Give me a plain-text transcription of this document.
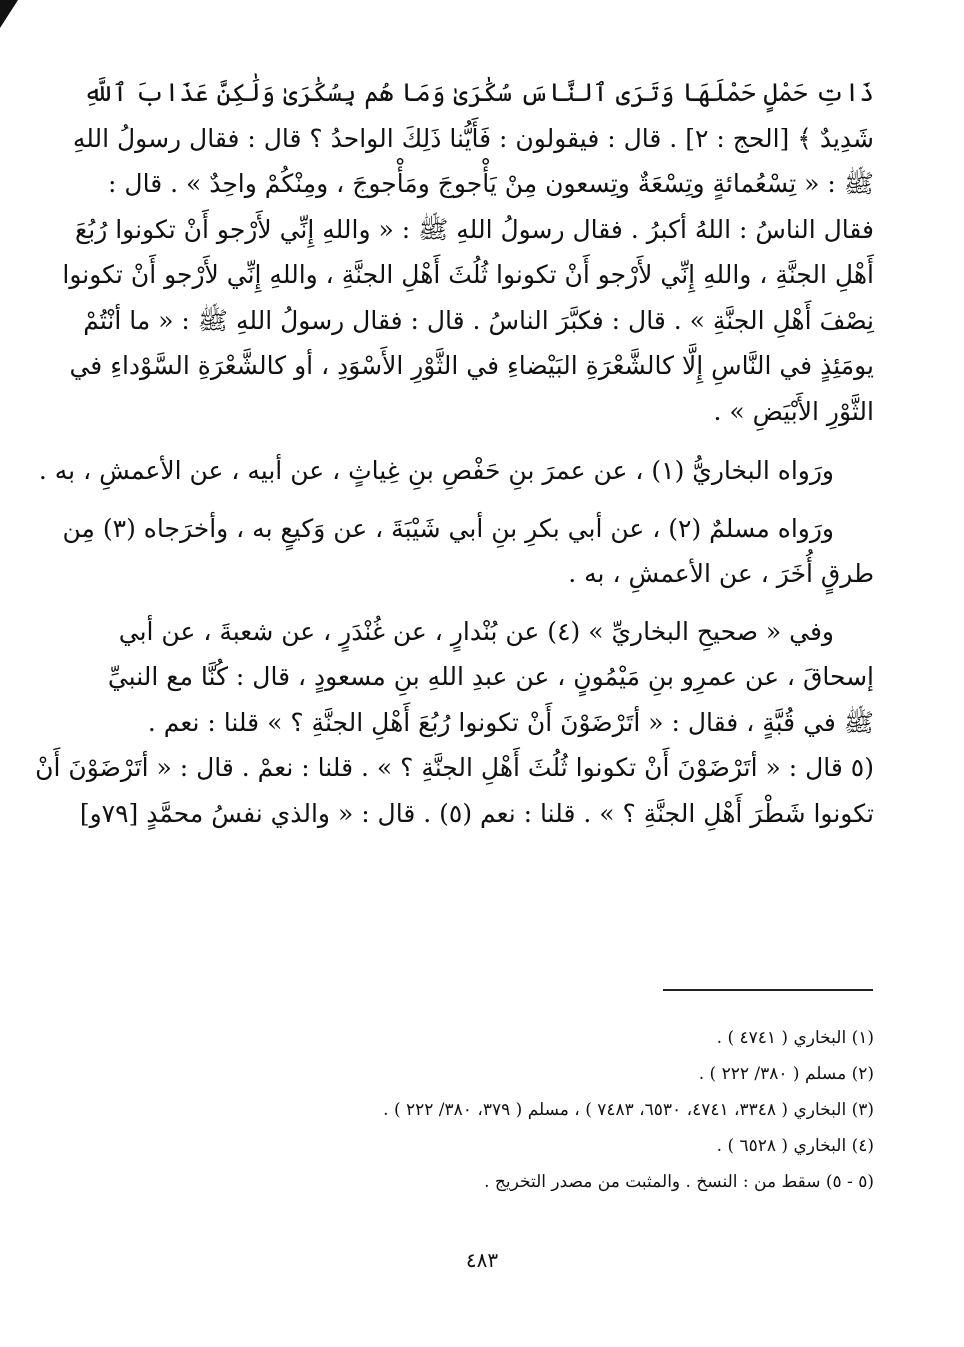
ذَاتِ حَمْلٍ حَمْلَهَا وَتَرَى ٱلنَّاسَ سُكَٰرَىٰ وَمَا هُم بِسُكَٰرَىٰ وَلَٰكِنَّ عَذَابَ ٱللَّهِ
شَدِيدٌ ﴾ [الحج : ٢] . قال : فيقولون : فَأَيُّنا ذَلِكَ الواحدُ ؟ قال : فقال رسولُ اللهِ
ﷺ : « تِسْعُمائةٍ وتِسْعَةٌ وتِسعون مِنْ يَأْجوجَ ومَأْجوجَ ، ومِنْكُمْ واحِدٌ » . قال :
فقال الناسُ : اللهُ أكبرُ . فقال رسولُ اللهِ ﷺ : « واللهِ إِنِّي لأَرْجو أَنْ تكونوا رُبُعَ
أَهْلِ الجنَّةِ ، واللهِ إِنِّي لأَرْجو أَنْ تكونوا ثُلُثَ أَهْلِ الجنَّةِ ، واللهِ إِنِّي لأَرْجو أَنْ تكونوا
نِصْفَ أَهْلِ الجنَّةِ » . قال : فكبَّرَ الناسُ . قال : فقال رسولُ اللهِ ﷺ : « ما أنْتُمْ
يومَئِذٍ في النَّاسِ إِلَّا كالشَّعْرَةِ البَيْضاءِ في الثَّوْرِ الأَسْوَدِ ، أو كالشَّعْرَةِ السَّوْداءِ في
الثَّوْرِ الأَبْيَضِ » .
ورَواه البخاريُّ (١) ، عن عمرَ بنِ حَفْصِ بنِ غِياثٍ ، عن أبيه ، عن الأعمشِ ، به .
ورَواه مسلمٌ (٢) ، عن أبي بكرِ بنِ أبي شَيْبَةَ ، عن وَكيعٍ به ، وأخرَجاه (٣) مِن
طرقٍ أُخَرَ ، عن الأعمشِ ، به .
وفي « صحيحِ البخاريِّ » (٤) عن بُنْدارٍ ، عن غُنْدَرٍ ، عن شعبةَ ، عن أبي
إسحاقَ ، عن عمرِو بنِ مَيْمُونٍ ، عن عبدِ اللهِ بنِ مسعودٍ ، قال : كُنَّا مع النبيِّ
ﷺ في قُبَّةٍ ، فقال : « أتَرْضَوْنَ أَنْ تكونوا رُبُعَ أَهْلِ الجنَّةِ ؟ » قلنا : نعم .
(٥ قال : « أتَرْضَوْنَ أَنْ تكونوا ثُلُثَ أَهْلِ الجنَّةِ ؟ » . قلنا : نعمْ . قال : « أتَرْضَوْنَ أَنْ
تكونوا شَطْرَ أَهْلِ الجنَّةِ ؟ » . قلنا : نعم (٥) . قال : « والذي نفسُ محمَّدٍ [٧٩و]
(١) البخاري ( ٤٧٤١ ) .
(٢) مسلم ( ٣٨٠/ ٢٢٢ ) .
(٣) البخاري ( ٣٣٤٨، ٤٧٤١، ٦٥٣٠، ٧٤٨٣ ) ، مسلم ( ٣٧٩، ٣٨٠/ ٢٢٢ ) .
(٤) البخاري ( ٦٥٢٨ ) .
(٥ - ٥) سقط من : النسخ . والمثبت من مصدر التخريج .
٤٨٣
